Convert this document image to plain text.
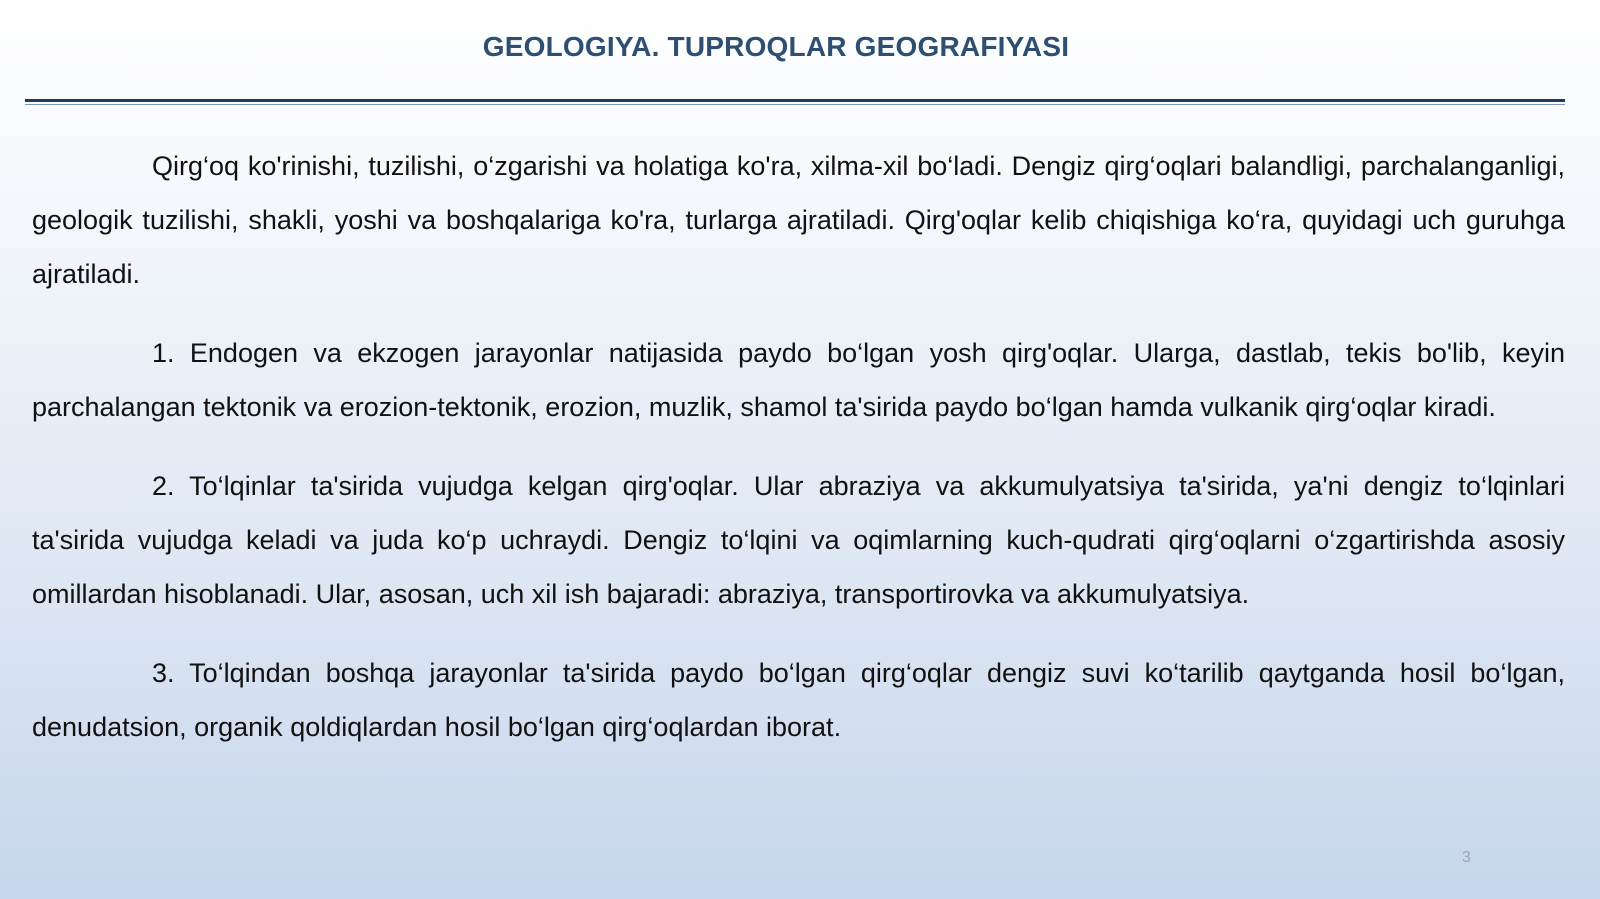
GEOLOGIYA. TUPROQLAR GEOGRAFIYASI

Qirg‘oq ko'rinishi, tuzilishi, o‘zgarishi va holatiga ko'ra, xilma-xil bo‘ladi. Dengiz qirg‘oqlari balandligi, parchalanganligi, geologik tuzilishi, shakli, yoshi va boshqalariga ko'ra, turlarga ajratiladi. Qirg'oqlar kelib chiqishiga ko‘ra, quyidagi uch guruhga ajratiladi.

1. Endogen va ekzogen jarayonlar natijasida paydo bo‘lgan yosh qirg'oqlar. Ularga, dastlab, tekis bo'lib, keyin parchalangan tektonik va erozion-tektonik, erozion, muzlik, shamol ta'sirida paydo bo‘lgan hamda vulkanik qirg‘oqlar kiradi.

2. To‘lqinlar ta'sirida vujudga kelgan qirg'oqlar. Ular abraziya va akkumulyatsiya ta'sirida, ya'ni dengiz to‘lqinlari ta'sirida vujudga keladi va juda ko‘p uchraydi. Dengiz to‘lqini va oqimlarning kuch-qudrati qirg‘oqlarni o‘zgartirishda asosiy omillardan hisoblanadi. Ular, asosan, uch xil ish bajaradi: abraziya, transportirovka va akkumulyatsiya.

3. To‘lqindan boshqa jarayonlar ta'sirida paydo bo‘lgan qirg‘oqlar dengiz suvi ko‘tarilib qaytganda hosil bo‘lgan, denudatsion, organik qoldiqlardan hosil bo‘lgan qirg‘oqlardan iborat.

3
